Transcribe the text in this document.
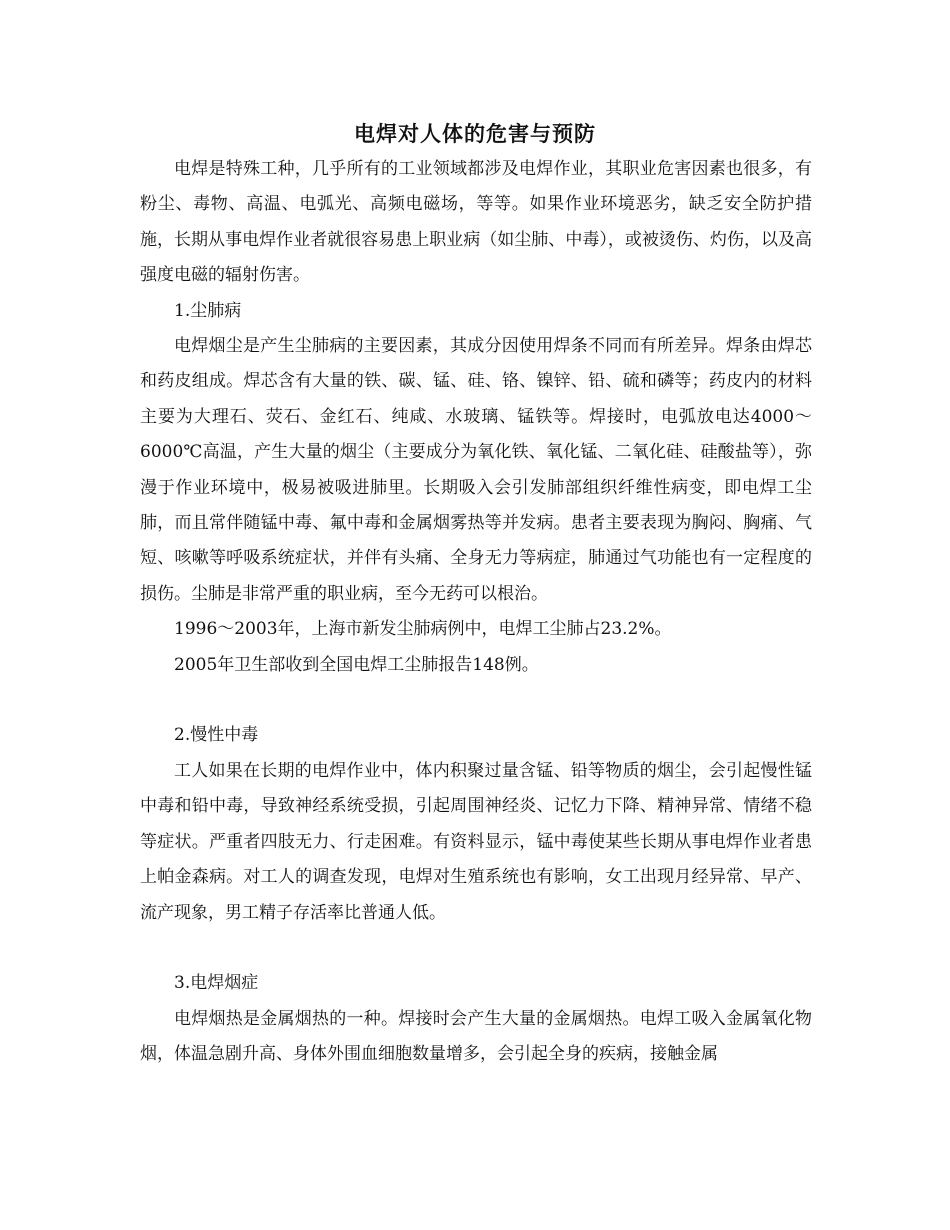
电焊对人体的危害与预防

电焊是特殊工种，几乎所有的工业领域都涉及电焊作业，其职业危害因素也很多，有粉尘、毒物、高温、电弧光、高频电磁场，等等。如果作业环境恶劣，缺乏安全防护措施，长期从事电焊作业者就很容易患上职业病（如尘肺、中毒），或被烫伤、灼伤，以及高强度电磁的辐射伤害。

1.尘肺病

电焊烟尘是产生尘肺病的主要因素，其成分因使用焊条不同而有所差异。焊条由焊芯和药皮组成。焊芯含有大量的铁、碳、锰、硅、铬、镍锌、铅、硫和磷等；药皮内的材料主要为大理石、荧石、金红石、纯咸、水玻璃、锰铁等。焊接时，电弧放电达4000～6000℃高温，产生大量的烟尘（主要成分为氧化铁、氧化锰、二氧化硅、硅酸盐等），弥漫于作业环境中，极易被吸进肺里。长期吸入会引发肺部组织纤维性病变，即电焊工尘肺，而且常伴随锰中毒、氟中毒和金属烟雾热等并发病。患者主要表现为胸闷、胸痛、气短、咳嗽等呼吸系统症状，并伴有头痛、全身无力等病症，肺通过气功能也有一定程度的损伤。尘肺是非常严重的职业病，至今无药可以根治。

1996～2003年，上海市新发尘肺病例中，电焊工尘肺占23.2%。

2005年卫生部收到全国电焊工尘肺报告148例。

2.慢性中毒

工人如果在长期的电焊作业中，体内积聚过量含锰、铅等物质的烟尘，会引起慢性锰中毒和铅中毒，导致神经系统受损，引起周围神经炎、记忆力下降、精神异常、情绪不稳等症状。严重者四肢无力、行走困难。有资料显示，锰中毒使某些长期从事电焊作业者患上帕金森病。对工人的调查发现，电焊对生殖系统也有影响，女工出现月经异常、早产、流产现象，男工精子存活率比普通人低。

3.电焊烟症

电焊烟热是金属烟热的一种。焊接时会产生大量的金属烟热。电焊工吸入金属氧化物烟，体温急剧升高、身体外围血细胞数量增多，会引起全身的疾病，接触金属
